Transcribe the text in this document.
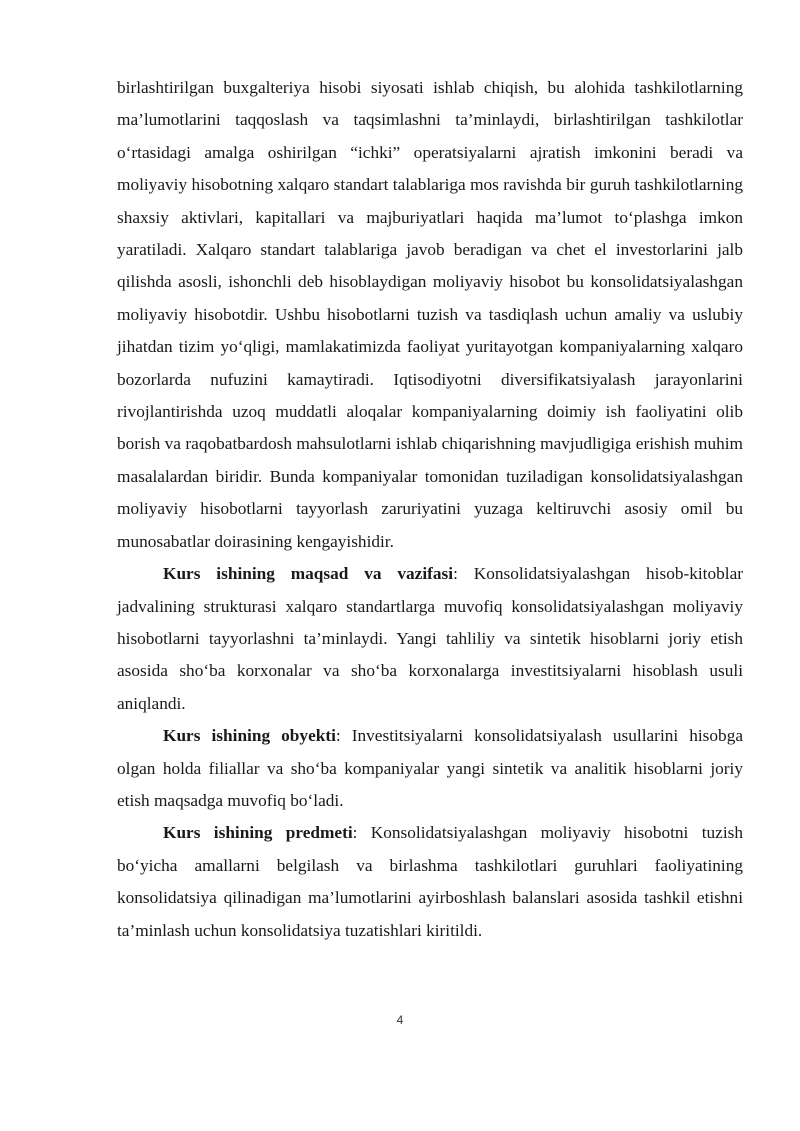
birlashtirilgan buxgalteriya hisobi siyosati ishlab chiqish, bu alohida tashkilotlarning ma’lumotlarini taqqoslash va taqsimlashni ta’minlaydi, birlashtirilgan tashkilotlar o‘rtasidagi amalga oshirilgan “ichki” operatsiyalarni ajratish imkonini beradi va moliyaviy hisobotning xalqaro standart talablariga mos ravishda bir guruh tashkilotlarning shaxsiy aktivlari, kapitallari va majburiyatlari haqida ma’lumot to‘plashga imkon yaratiladi. Xalqaro standart talablariga javob beradigan va chet el investorlarini jalb qilishda asosli, ishonchli deb hisoblaydigan moliyaviy hisobot bu konsolidatsiyalashgan moliyaviy hisobotdir. Ushbu hisobotlarni tuzish va tasdiqlash uchun amaliy va uslubiy jihatdan tizim yo‘qligi, mamlakatimizda faoliyat yuritayotgan kompaniyalarning xalqaro bozorlarda nufuzini kamaytiradi. Iqtisodiyotni diversifikatsiyalash jarayonlarini rivojlantirishda uzoq muddatli aloqalar kompaniyalarning doimiy ish faoliyatini olib borish va raqobatbardosh mahsulotlarni ishlab chiqarishning mavjudligiga erishish muhim masalalardan biridir. Bunda kompaniyalar tomonidan tuziladigan konsolidatsiyalashgan moliyaviy hisobotlarni tayyorlash zaruriyatini yuzaga keltiruvchi asosiy omil bu munosabatlar doirasining kengayishidir.

Kurs ishining maqsad va vazifasi: Konsolidatsiyalashgan hisob-kitoblar jadvalining strukturasi xalqaro standartlarga muvofiq konsolidatsiyalashgan moliyaviy hisobotlarni tayyorlashni ta’minlaydi. Yangi tahliliy va sintetik hisoblarni joriy etish asosida sho‘ba korxonalar va sho‘ba korxonalarga investitsiyalarni hisoblash usuli aniqlandi.

Kurs ishining obyekti: Investitsiyalarni konsolidatsiyalash usullarini hisobga olgan holda filiallar va sho‘ba kompaniyalar yangi sintetik va analitik hisoblarni joriy etish maqsadga muvofiq bo‘ladi.

Kurs ishining predmeti: Konsolidatsiyalashgan moliyaviy hisobotni tuzish bo‘yicha amallarni belgilash va birlashma tashkilotlari guruhlari faoliyatining konsolidatsiya qilinadigan ma’lumotlarini ayirboshlash balanslari asosida tashkil etishni ta’minlash uchun konsolidatsiya tuzatishlari kiritildi.

4
